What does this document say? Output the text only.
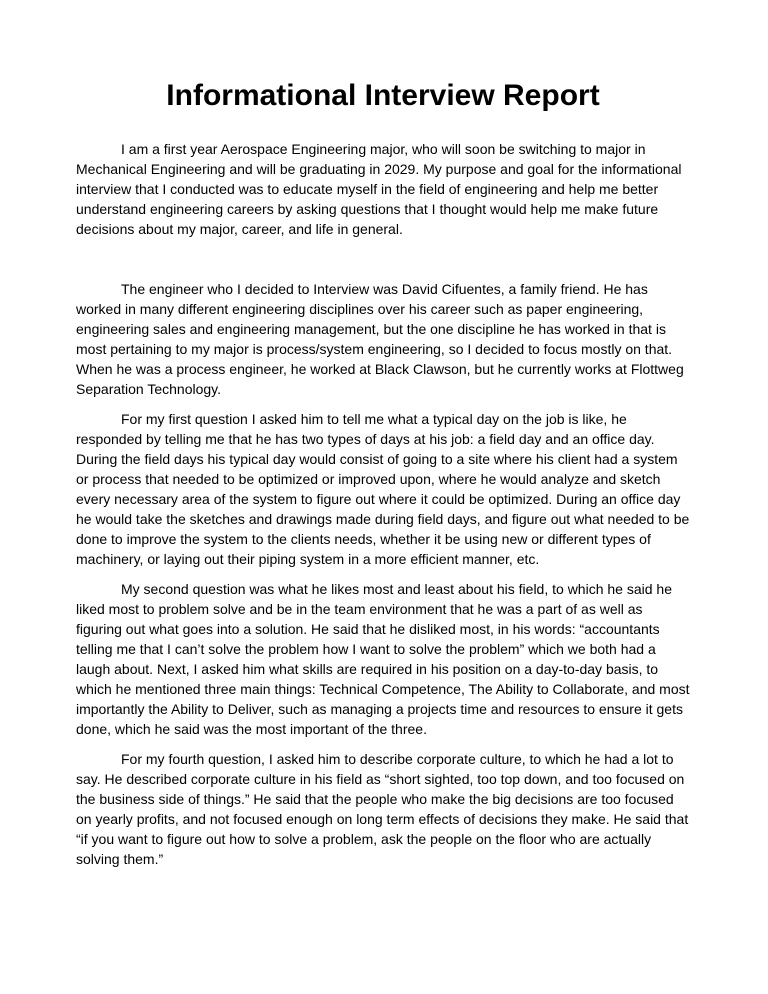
Informational Interview Report

I am a first year Aerospace Engineering major, who will soon be switching to major in Mechanical Engineering and will be graduating in 2029. My purpose and goal for the informational interview that I conducted was to educate myself in the field of engineering and help me better understand engineering careers by asking questions that I thought would help me make future decisions about my major, career, and life in general.

The engineer who I decided to Interview was David Cifuentes, a family friend. He has worked in many different engineering disciplines over his career such as paper engineering, engineering sales and engineering management, but the one discipline he has worked in that is most pertaining to my major is process/system engineering, so I decided to focus mostly on that. When he was a process engineer, he worked at Black Clawson, but he currently works at Flottweg Separation Technology.

For my first question I asked him to tell me what a typical day on the job is like, he responded by telling me that he has two types of days at his job: a field day and an office day. During the field days his typical day would consist of going to a site where his client had a system or process that needed to be optimized or improved upon, where he would analyze and sketch every necessary area of the system to figure out where it could be optimized. During an office day he would take the sketches and drawings made during field days, and figure out what needed to be done to improve the system to the clients needs, whether it be using new or different types of machinery, or laying out their piping system in a more efficient manner, etc.

My second question was what he likes most and least about his field, to which he said he liked most to problem solve and be in the team environment that he was a part of as well as figuring out what goes into a solution. He said that he disliked most, in his words: “accountants telling me that I can’t solve the problem how I want to solve the problem” which we both had a laugh about. Next, I asked him what skills are required in his position on a day-to-day basis, to which he mentioned three main things: Technical Competence, The Ability to Collaborate, and most importantly the Ability to Deliver, such as managing a projects time and resources to ensure it gets done, which he said was the most important of the three.

For my fourth question, I asked him to describe corporate culture, to which he had a lot to say. He described corporate culture in his field as “short sighted, too top down, and too focused on the business side of things.” He said that the people who make the big decisions are too focused on yearly profits, and not focused enough on long term effects of decisions they make. He said that “if you want to figure out how to solve a problem, ask the people on the floor who are actually solving them.”
